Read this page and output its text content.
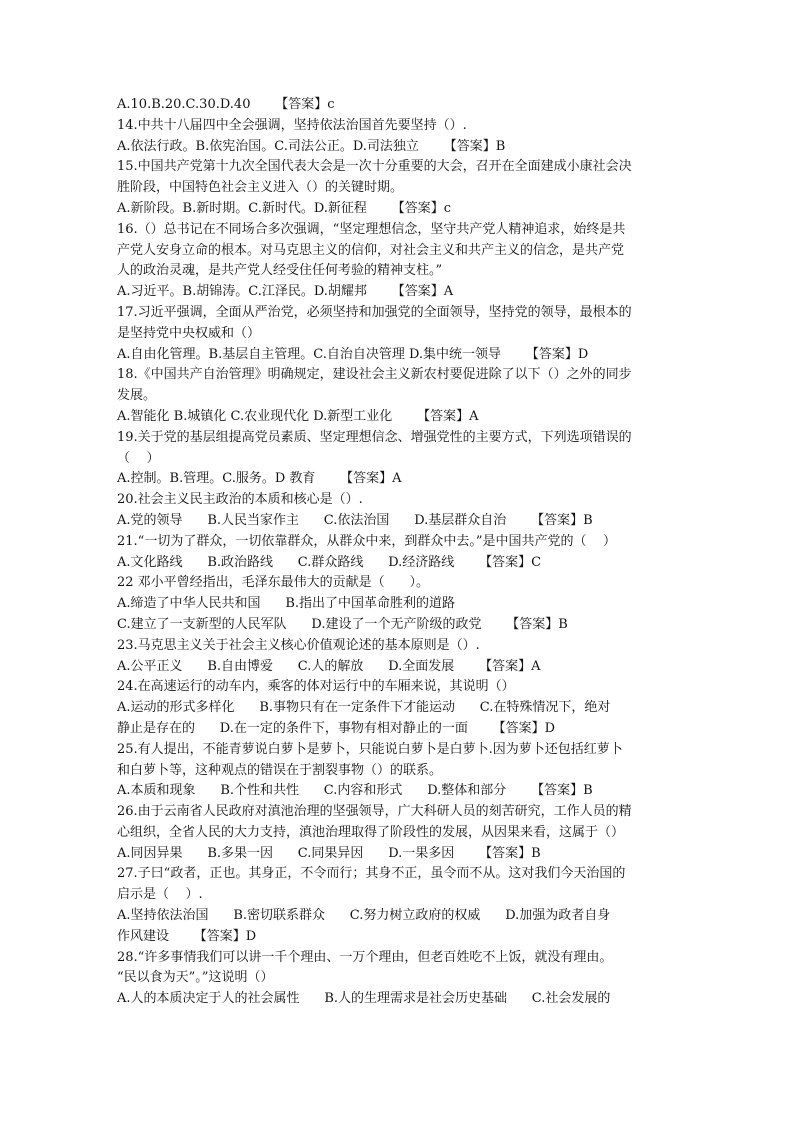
A.10.B.20.C.30.D.40      【答案】c
14.中共十八届四中全会强调，坚持依法治国首先要坚持（）.
A.依法行政。B.依宪治国。C.司法公正。D.司法独立      【答案】B
15.中国共产党第十九次全国代表大会是一次十分重要的大会，召开在全面建成小康社会决
胜阶段，中国特色社会主义进入（）的关键时期。
A.新阶段。B.新时期。C.新时代。D.新征程      【答案】c
16.（）总书记在不同场合多次强调，“坚定理想信念，坚守共产党人精神追求，始终是共
产党人安身立命的根本。对马克思主义的信仰，对社会主义和共产主义的信念，是共产党
人的政治灵魂，是共产党人经受住任何考验的精神支柱。”
A.习近平。B.胡锦涛。C.江泽民。D.胡耀邦      【答案】A
17.习近平强调，全面从严治党，必须坚持和加强党的全面领导，坚持党的领导，最根本的
是坚持党中央权威和（）
A.自由化管理。B.基层自主管理。C.自治自决管理 D.集中统一领导      【答案】D
18.《中国共产自治管理》明确规定，建设社会主义新农村要促进除了以下（）之外的同步
发展。
A.智能化 B.城镇化 C.农业现代化 D.新型工业化      【答案】A
19.关于党的基层组提高党员素质、坚定理想信念、增强党性的主要方式，下列选项错误的
（    ）
A.控制。B.管理。C.服务。D 教育      【答案】A
20.社会主义民主政治的本质和核心是（）.
A.党的领导      B.人民当家作主      C.依法治国      D.基层群众自治      【答案】B
21.“一切为了群众，一切依靠群众，从群众中来，到群众中去。”是中国共产党的（    ）
A.文化路线      B.政治路线      C.群众路线      D.经济路线      【答案】C
22 邓小平曾经指出，毛泽东最伟大的贡献是（      ）。
A.缔造了中华人民共和国      B.指出了中国革命胜利的道路
C.建立了一支新型的人民军队      D.建设了一个无产阶级的政党      【答案】B
23.马克思主义关于社会主义核心价值观论述的基本原则是（）.
A.公平正义      B.自由博爱      C.人的解放      D.全面发展      【答案】A
24.在高速运行的动车内，乘客的体对运行中的车厢来说，其说明（）
A.运动的形式多样化      B.事物只有在一定条件下才能运动      C.在特殊情况下，绝对
静止是存在的      D.在一定的条件下，事物有相对静止的一面      【答案】D
25.有人提出，不能青萝说白萝卜是萝卜，只能说白萝卜是白萝卜.因为萝卜还包括红萝卜
和白萝卜等，这种观点的错误在于割裂事物（）的联系。
A.本质和现象      B.个性和共性      C.内容和形式      D.整体和部分      【答案】B
26.由于云南省人民政府对滇池治理的坚强领导，广大科研人员的刻苦研究，工作人员的精
心组织，全省人民的大力支持，滇池治理取得了阶段性的发展，从因果来看，这属于（）
A.同因异果      B.多果一因      C.同果异因      D.一果多因      【答案】B
27.子曰“政者，正也。其身正，不令而行；其身不正，虽令而不从。这对我们今天治国的
启示是（    ）.
A.坚持依法治国      B.密切联系群众      C.努力树立政府的权威      D.加强为政者自身
作风建设      【答案】D
28.“许多事情我们可以讲一千个理由、一万个理由，但老百姓吃不上饭，就没有理由。
“民以食为天”。”这说明（）
A.人的本质决定于人的社会属性      B.人的生理需求是社会历史基础      C.社会发展的
